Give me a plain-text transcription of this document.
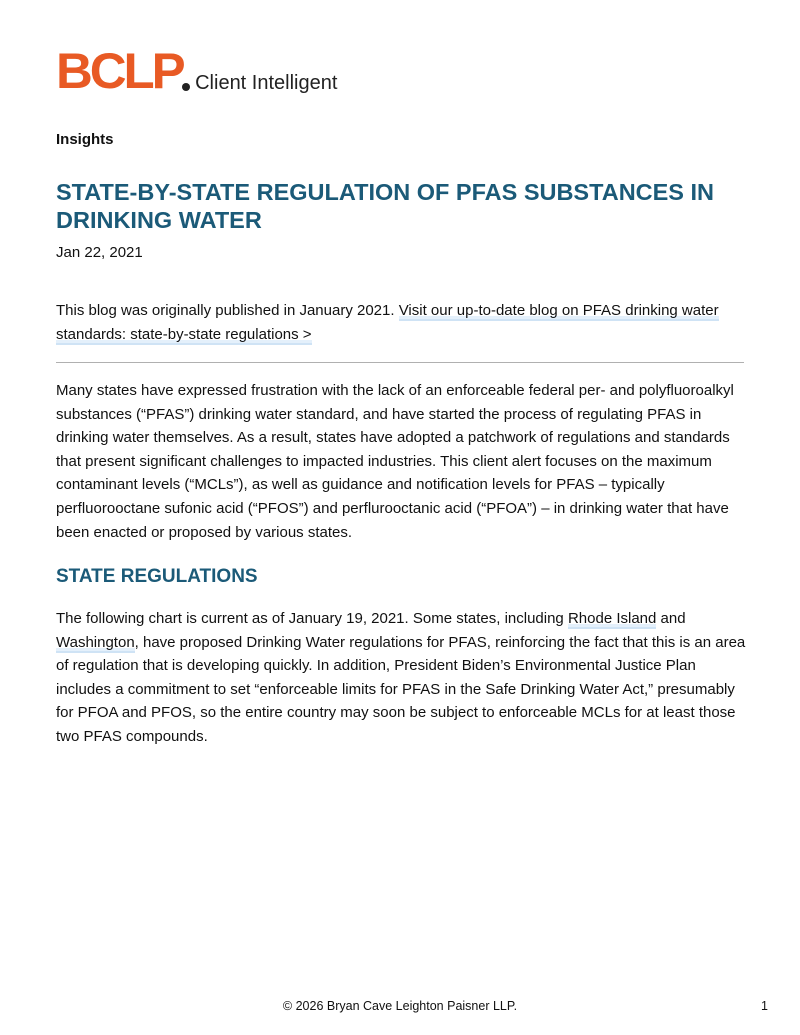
BCLP Client Intelligent
Insights
STATE-BY-STATE REGULATION OF PFAS SUBSTANCES IN DRINKING WATER
Jan 22, 2021

This blog was originally published in January 2021. Visit our up-to-date blog on PFAS drinking water standards: state-by-state regulations >

Many states have expressed frustration with the lack of an enforceable federal per- and polyfluoroalkyl substances (“PFAS”) drinking water standard, and have started the process of regulating PFAS in drinking water themselves. As a result, states have adopted a patchwork of regulations and standards that present significant challenges to impacted industries. This client alert focuses on the maximum contaminant levels (“MCLs”), as well as guidance and notification levels for PFAS – typically perfluorooctane sufonic acid (“PFOS”) and perflurooctanic acid (“PFOA”) – in drinking water that have been enacted or proposed by various states.

STATE REGULATIONS

The following chart is current as of January 19, 2021. Some states, including Rhode Island and Washington, have proposed Drinking Water regulations for PFAS, reinforcing the fact that this is an area of regulation that is developing quickly. In addition, President Biden’s Environmental Justice Plan includes a commitment to set “enforceable limits for PFAS in the Safe Drinking Water Act,” presumably for PFOA and PFOS, so the entire country may soon be subject to enforceable MCLs for at least those two PFAS compounds.

© 2026 Bryan Cave Leighton Paisner LLP.	1
